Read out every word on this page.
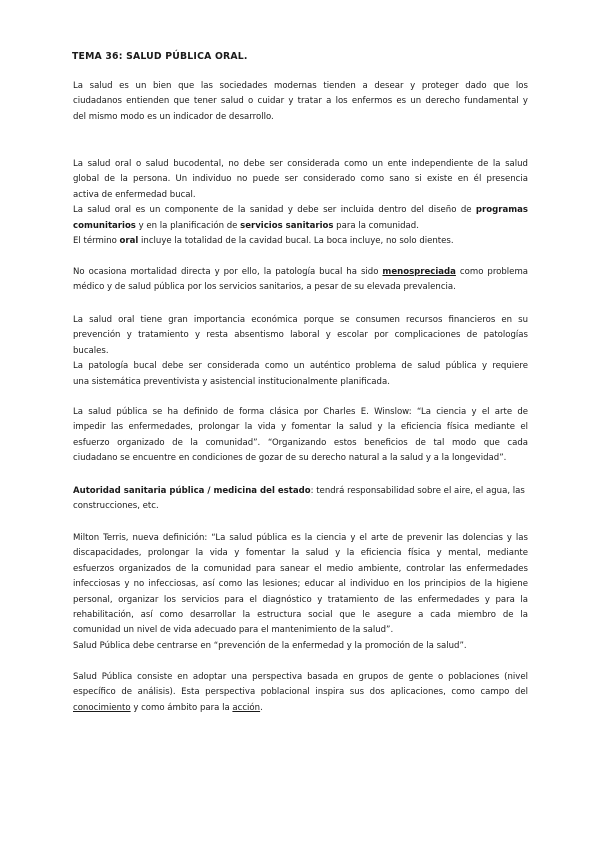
TEMA 36: SALUD PÚBLICA ORAL.
La salud es un bien que las sociedades modernas tienden a desear y proteger dado que los
ciudadanos entienden que tener salud o cuidar y tratar a los enfermos es un derecho fundamental y
del mismo modo es un indicador de desarrollo.
La salud oral o salud bucodental, no debe ser considerada como un ente independiente de la salud
global de la persona. Un individuo no puede ser considerado como sano si existe en él presencia
activa de enfermedad bucal.
La salud oral es un componente de la sanidad y debe ser incluida dentro del diseño de programas
comunitarios y en la planificación de servicios sanitarios para la comunidad.
El término oral incluye la totalidad de la cavidad bucal. La boca incluye, no solo dientes.
No ocasiona mortalidad directa y por ello, la patología bucal ha sido menospreciada como problema
médico y de salud pública por los servicios sanitarios, a pesar de su elevada prevalencia.
La salud oral tiene gran importancia económica porque se consumen recursos financieros en su
prevención y tratamiento y resta absentismo laboral y escolar por complicaciones de patologías
bucales.
La patología bucal debe ser considerada como un auténtico problema de salud pública y requiere
una sistemática preventivista y asistencial institucionalmente planificada.
La salud pública se ha definido de forma clásica por Charles E. Winslow: “La ciencia y el arte de
impedir las enfermedades, prolongar la vida y fomentar la salud y la eficiencia física mediante el
esfuerzo organizado de la comunidad”. “Organizando estos beneficios de tal modo que cada
ciudadano se encuentre en condiciones de gozar de su derecho natural a la salud y a la longevidad”.
Autoridad sanitaria pública / medicina del estado: tendrá responsabilidad sobre el aire, el agua, las
construcciones, etc.
Milton Terris, nueva definición: “La salud pública es la ciencia y el arte de prevenir las dolencias y las
discapacidades, prolongar la vida y fomentar la salud y la eficiencia física y mental, mediante
esfuerzos organizados de la comunidad para sanear el medio ambiente, controlar las enfermedades
infecciosas y no infecciosas, así como las lesiones; educar al individuo en los principios de la higiene
personal, organizar los servicios para el diagnóstico y tratamiento de las enfermedades y para la
rehabilitación, así como desarrollar la estructura social que le asegure a cada miembro de la
comunidad un nivel de vida adecuado para el mantenimiento de la salud”.
Salud Pública debe centrarse en “prevención de la enfermedad y la promoción de la salud”.
Salud Pública consiste en adoptar una perspectiva basada en grupos de gente o poblaciones (nivel
específico de análisis). Esta perspectiva poblacional inspira sus dos aplicaciones, como campo del
conocimiento y como ámbito para la acción.
